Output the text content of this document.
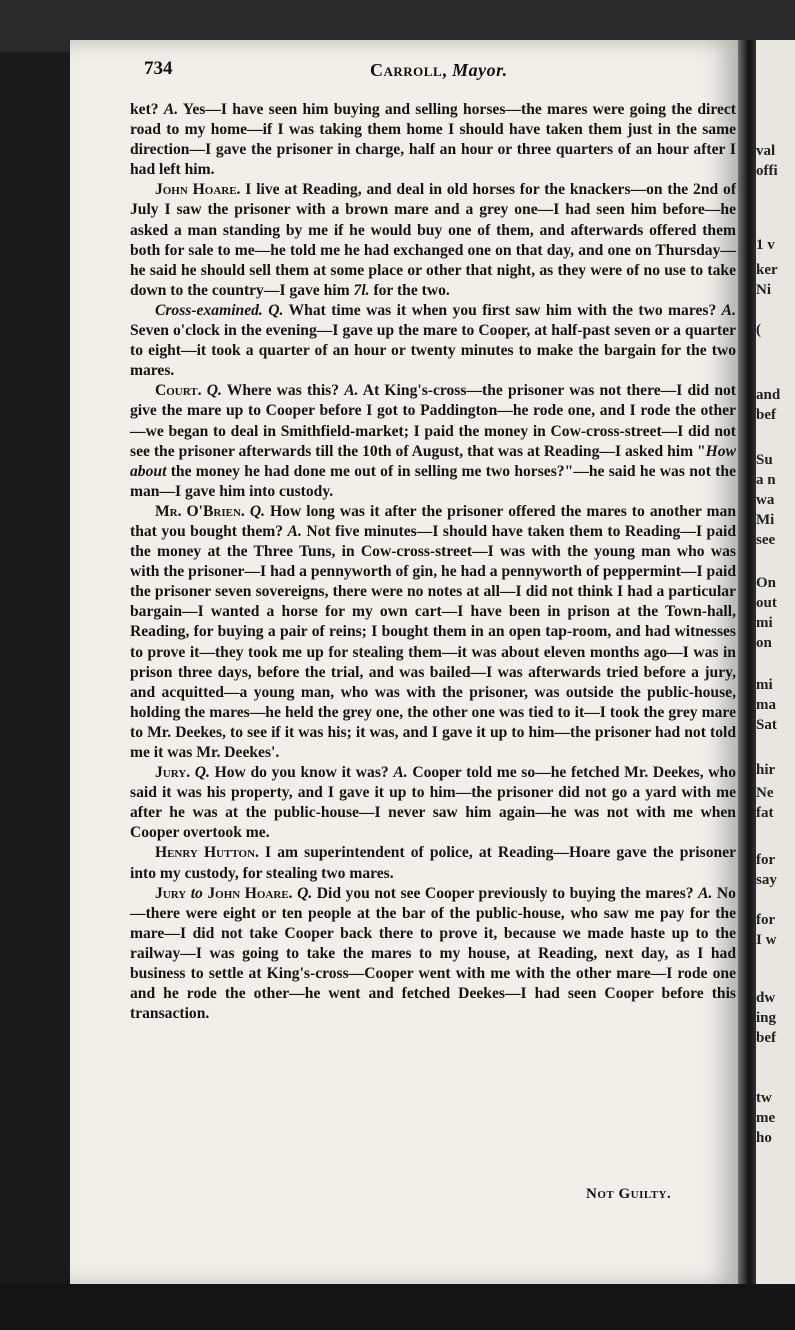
val
offi
1 v
ker
Ni
(
and
bef
Su
a n
wa
Mi
see
On
out
mi
on
mi
ma
Sat
hir
Ne
fat
for
say
for
I w
dw
ing
bef
tw
me
ho
734	Carroll, Mayor.

ket? A. Yes—I have seen him buying and selling horses—the mares were going the direct road to my home—if I was taking them home I should have taken them just in the same direction—I gave the prisoner in charge, half an hour or three quarters of an hour after I had left him.

John Hoare. I live at Reading, and deal in old horses for the knackers—on the 2nd of July I saw the prisoner with a brown mare and a grey one—I had seen him before—he asked a man standing by me if he would buy one of them, and afterwards offered them both for sale to me—he told me he had exchanged one on that day, and one on Thursday—he said he should sell them at some place or other that night, as they were of no use to take down to the country—I gave him 7l. for the two.

Cross-examined. Q. What time was it when you first saw him with the two mares? A. Seven o'clock in the evening—I gave up the mare to Cooper, at half-past seven or a quarter to eight—it took a quarter of an hour or twenty minutes to make the bargain for the two mares.

Court. Q. Where was this? A. At King's-cross—the prisoner was not there—I did not give the mare up to Cooper before I got to Paddington—he rode one, and I rode the other—we began to deal in Smithfield-market; I paid the money in Cow-cross-street—I did not see the prisoner afterwards till the 10th of August, that was at Reading—I asked him "How about the money he had done me out of in selling me two horses?"—he said he was not the man—I gave him into custody.

Mr. O'Brien. Q. How long was it after the prisoner offered the mares to another man that you bought them? A. Not five minutes—I should have taken them to Reading—I paid the money at the Three Tuns, in Cow-cross-street—I was with the young man who was with the prisoner—I had a pennyworth of gin, he had a pennyworth of peppermint—I paid the prisoner seven sovereigns, there were no notes at all—I did not think I had a particular bargain—I wanted a horse for my own cart—I have been in prison at the Town-hall, Reading, for buying a pair of reins; I bought them in an open tap-room, and had witnesses to prove it—they took me up for stealing them—it was about eleven months ago—I was in prison three days, before the trial, and was bailed—I was afterwards tried before a jury, and acquitted—a young man, who was with the prisoner, was outside the public-house, holding the mares—he held the grey one, the other one was tied to it—I took the grey mare to Mr. Deekes, to see if it was his; it was, and I gave it up to him—the prisoner had not told me it was Mr. Deekes'.

Jury. Q. How do you know it was? A. Cooper told me so—he fetched Mr. Deekes, who said it was his property, and I gave it up to him—the prisoner did not go a yard with me after he was at the public-house—I never saw him again—he was not with me when Cooper overtook me.

Henry Hutton. I am superintendent of police, at Reading—Hoare gave the prisoner into my custody, for stealing two mares.

Jury to John Hoare. Q. Did you not see Cooper previously to buying the mares? A. No—there were eight or ten people at the bar of the public-house, who saw me pay for the mare—I did not take Cooper back there to prove it, because we made haste up to the railway—I was going to take the mares to my house, at Reading, next day, as I had business to settle at King's-cross—Cooper went with me with the other mare—I rode one and he rode the other—he went and fetched Deekes—I had seen Cooper before this transaction.

Not Guilty.
